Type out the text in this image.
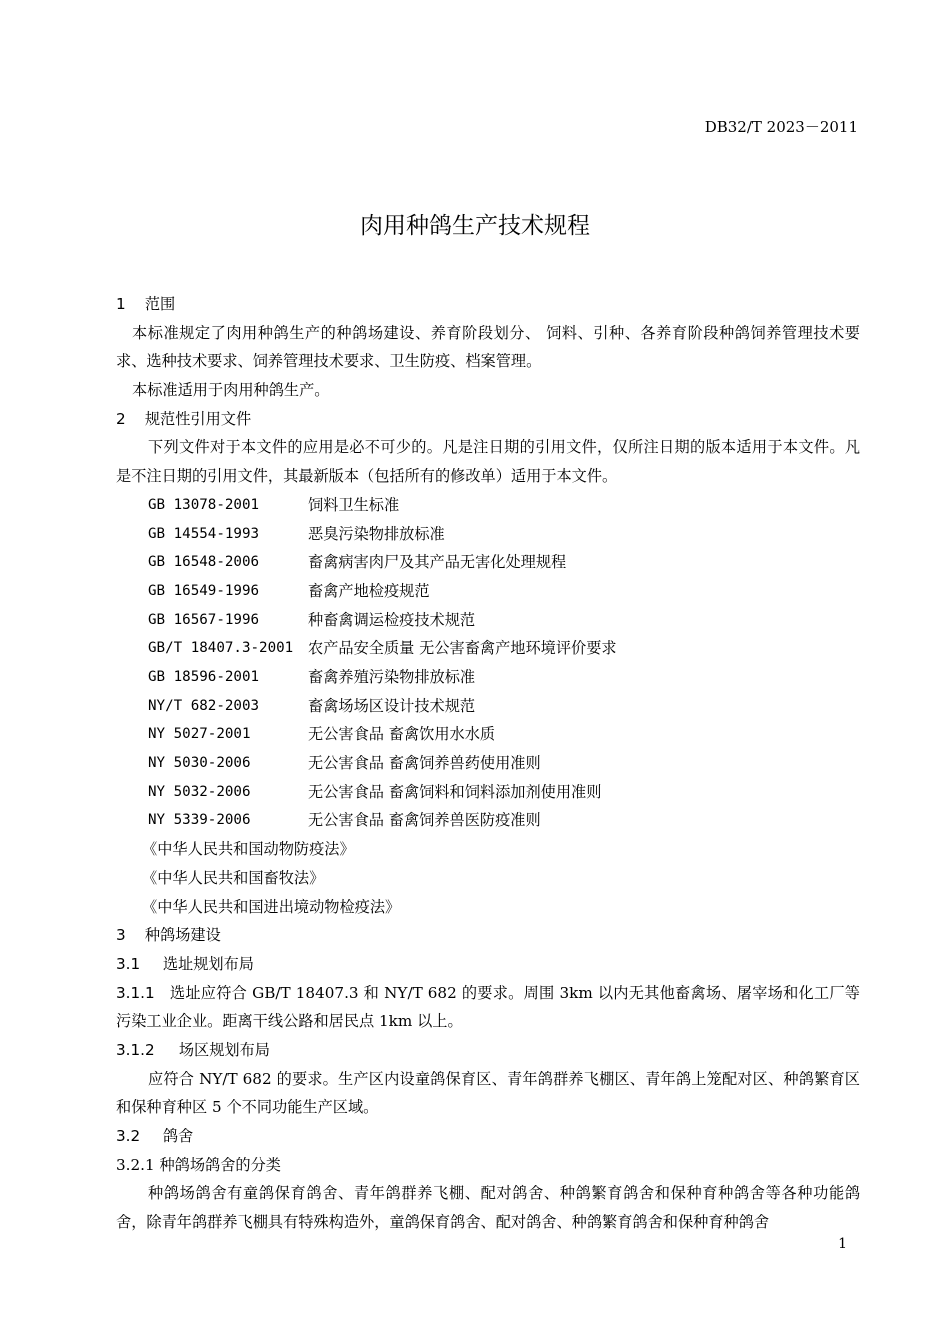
DB32/T 2023－2011
肉用种鸽生产技术规程
1 范围
本标准规定了肉用种鸽生产的种鸽场建设、养育阶段划分、 饲料、引种、各养育阶段种鸽饲养管理技术要求、选种技术要求、饲养管理技术要求、卫生防疫、档案管理。
本标准适用于肉用种鸽生产。
2 规范性引用文件
下列文件对于本文件的应用是必不可少的。凡是注日期的引用文件，仅所注日期的版本适用于本文件。凡是不注日期的引用文件，其最新版本（包括所有的修改单）适用于本文件。
GB 13078-2001	饲料卫生标准
GB 14554-1993	恶臭污染物排放标准
GB 16548-2006	畜禽病害肉尸及其产品无害化处理规程
GB 16549-1996	畜禽产地检疫规范
GB 16567-1996	种畜禽调运检疫技术规范
GB/T 18407.3-2001 农产品安全质量 无公害畜禽产地环境评价要求
GB 18596-2001	畜禽养殖污染物排放标准
NY/T 682-2003	畜禽场场区设计技术规范
NY 5027-2001	无公害食品 畜禽饮用水水质
NY 5030-2006	无公害食品 畜禽饲养兽药使用准则
NY 5032-2006	无公害食品 畜禽饲料和饲料添加剂使用准则
NY 5339-2006	无公害食品 畜禽饲养兽医防疫准则
《中华人民共和国动物防疫法》
《中华人民共和国畜牧法》
《中华人民共和国进出境动物检疫法》
3 种鸽场建设
3.1 选址规划布局
3.1.1 选址应符合 GB/T 18407.3 和 NY/T 682 的要求。周围 3km 以内无其他畜禽场、屠宰场和化工厂等污染工业企业。距离干线公路和居民点 1km 以上。
3.1.2 场区规划布局
应符合 NY/T 682 的要求。生产区内设童鸽保育区、青年鸽群养飞棚区、青年鸽上笼配对区、种鸽繁育区和保种育种区 5 个不同功能生产区域。
3.2 鸽舍
3.2.1 种鸽场鸽舍的分类
种鸽场鸽舍有童鸽保育鸽舍、青年鸽群养飞棚、配对鸽舍、种鸽繁育鸽舍和保种育种鸽舍等各种功能鸽舍，除青年鸽群养飞棚具有特殊构造外，童鸽保育鸽舍、配对鸽舍、种鸽繁育鸽舍和保种育种鸽舍
1
